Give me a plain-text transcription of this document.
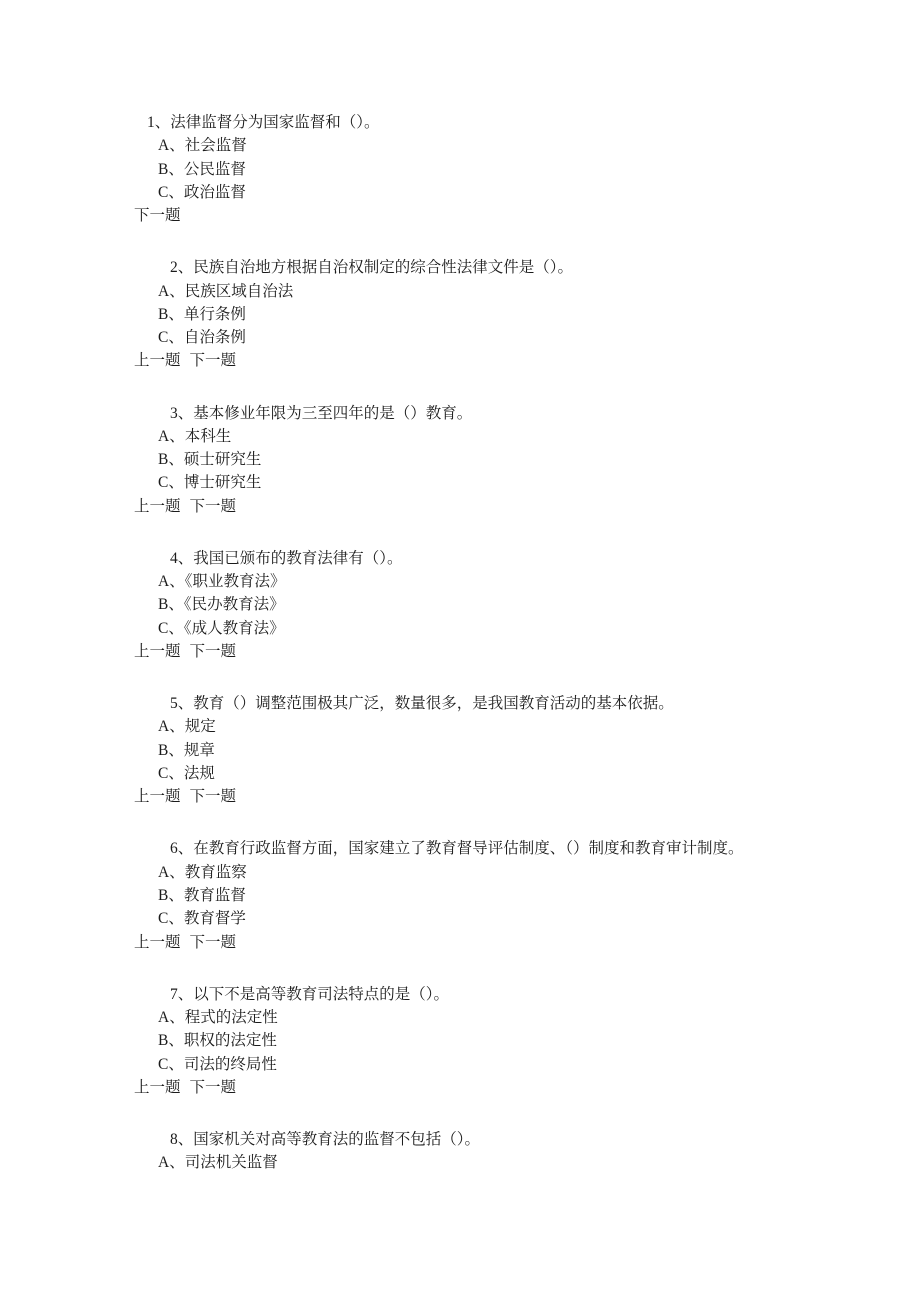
1、法律监督分为国家监督和（）。
A、社会监督
B、公民监督
C、政治监督
下一题
2、民族自治地方根据自治权制定的综合性法律文件是（）。
A、民族区域自治法
B、单行条例
C、自治条例
上一题 下一题
3、基本修业年限为三至四年的是（）教育。
A、本科生
B、硕士研究生
C、博士研究生
上一题 下一题
4、我国已颁布的教育法律有（）。
A、《职业教育法》
B、《民办教育法》
C、《成人教育法》
上一题 下一题
5、教育（）调整范围极其广泛，数量很多，是我国教育活动的基本依据。
A、规定
B、规章
C、法规
上一题 下一题
6、在教育行政监督方面，国家建立了教育督导评估制度、（）制度和教育审计制度。
A、教育监察
B、教育监督
C、教育督学
上一题 下一题
7、以下不是高等教育司法特点的是（）。
A、程式的法定性
B、职权的法定性
C、司法的终局性
上一题 下一题
8、国家机关对高等教育法的监督不包括（）。
A、司法机关监督
